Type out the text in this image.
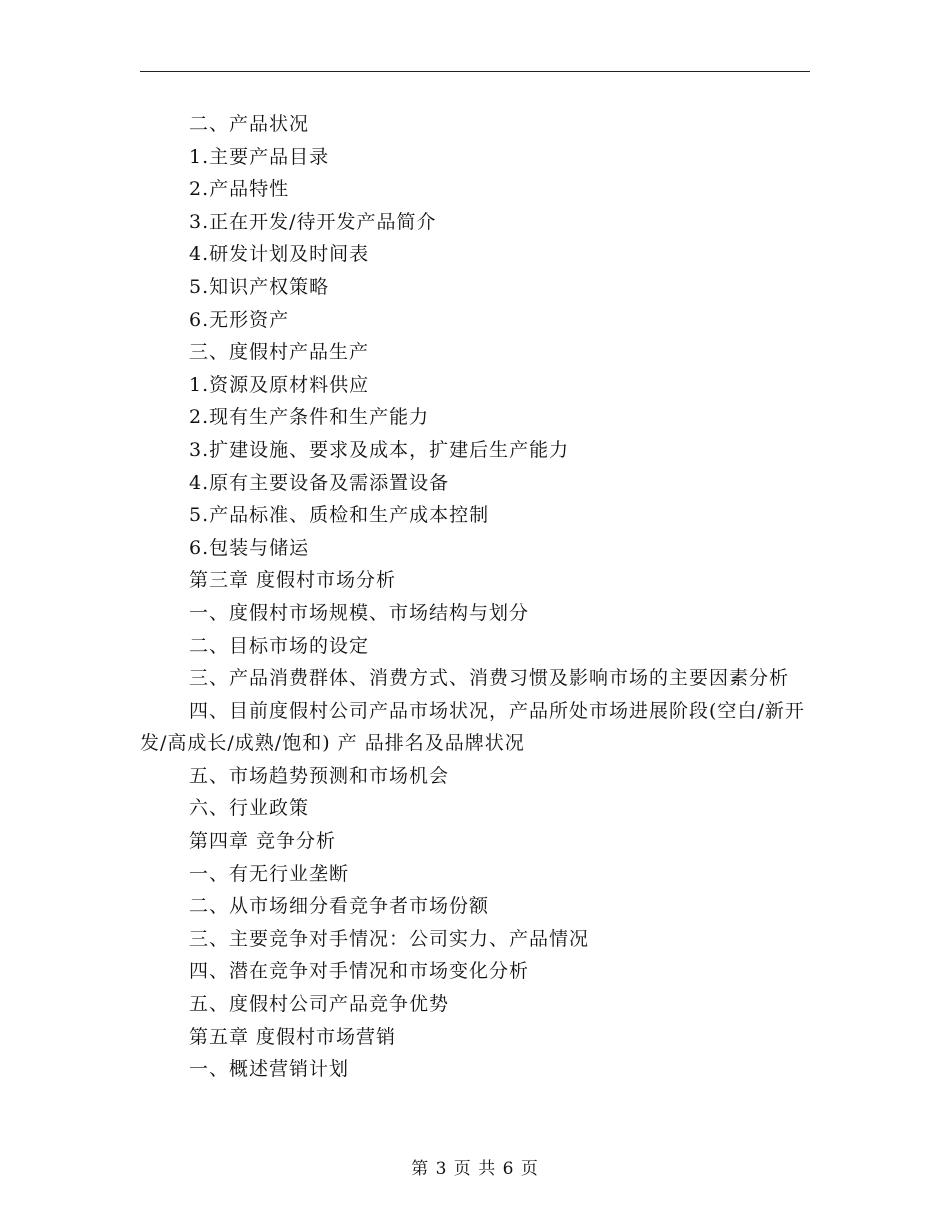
二、产品状况
1.主要产品目录
2.产品特性
3.正在开发/待开发产品简介
4.研发计划及时间表
5.知识产权策略
6.无形资产
三、度假村产品生产
1.资源及原材料供应
2.现有生产条件和生产能力
3.扩建设施、要求及成本，扩建后生产能力
4.原有主要设备及需添置设备
5.产品标准、质检和生产成本控制
6.包装与储运
第三章 度假村市场分析
一、度假村市场规模、市场结构与划分
二、目标市场的设定
三、产品消费群体、消费方式、消费习惯及影响市场的主要因素分析
四、目前度假村公司产品市场状况，产品所处市场进展阶段(空白/新开发/高成长/成熟/饱和) 产 品排名及品牌状况
五、市场趋势预测和市场机会
六、行业政策
第四章 竞争分析
一、有无行业垄断
二、从市场细分看竞争者市场份额
三、主要竞争对手情况：公司实力、产品情况
四、潜在竞争对手情况和市场变化分析
五、度假村公司产品竞争优势
第五章 度假村市场营销
一、概述营销计划
第 3 页 共 6 页
